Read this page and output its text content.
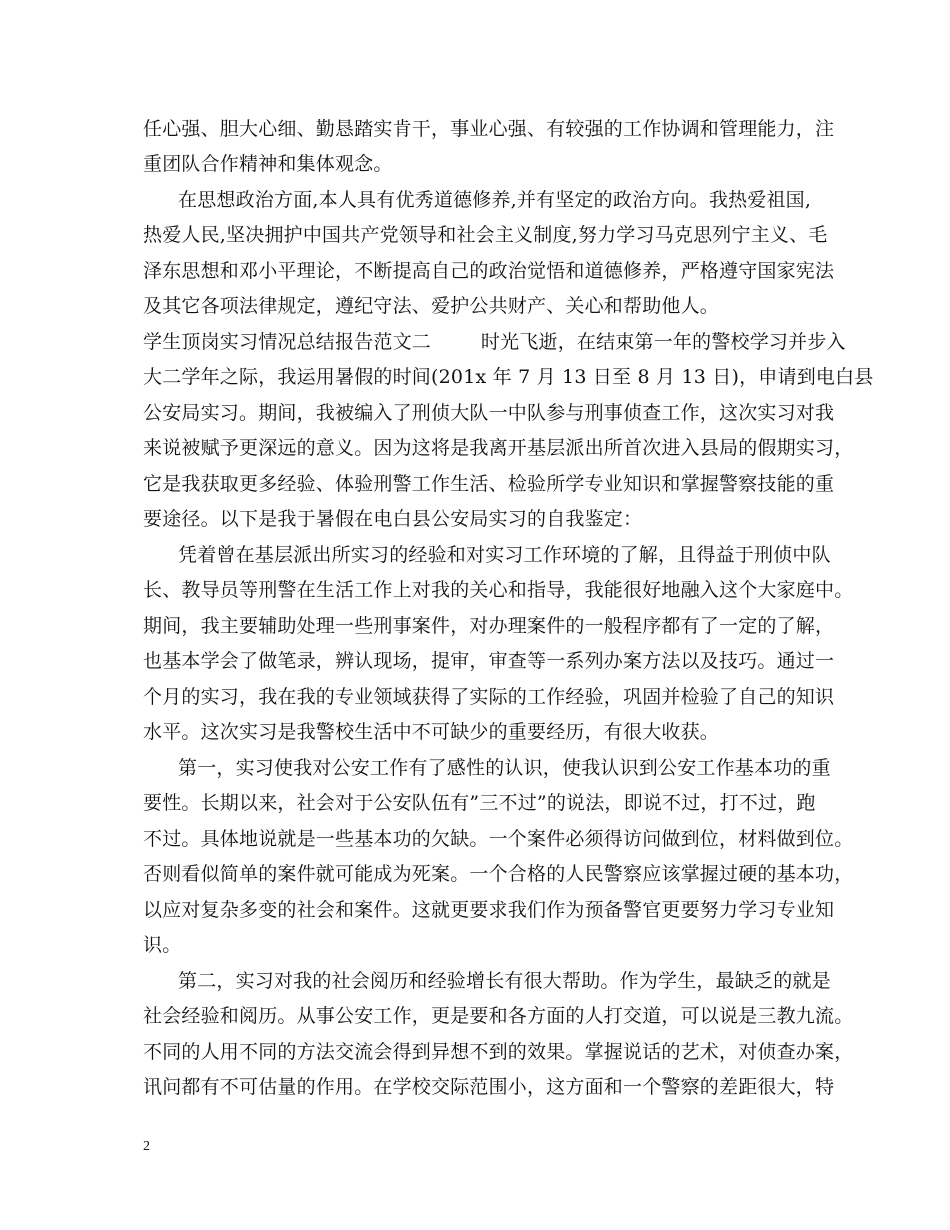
任心强、胆大心细、勤恳踏实肯干，事业心强、有较强的工作协调和管理能力，注
重团队合作精神和集体观念。
在思想政治方面,本人具有优秀道德修养,并有坚定的政治方向。我热爱祖国,
热爱人民,坚决拥护中国共产党领导和社会主义制度,努力学习马克思列宁主义、毛
泽东思想和邓小平理论，不断提高自己的政治觉悟和道德修养，严格遵守国家宪法
及其它各项法律规定，遵纪守法、爱护公共财产、关心和帮助他人。
学生顶岗实习情况总结报告范文二        时光飞逝，在结束第一年的警校学习并步入
大二学年之际，我运用暑假的时间(201x 年 7 月 13 日至 8 月 13 日)，申请到电白县
公安局实习。期间，我被编入了刑侦大队一中队参与刑事侦查工作，这次实习对我
来说被赋予更深远的意义。因为这将是我离开基层派出所首次进入县局的假期实习，
它是我获取更多经验、体验刑警工作生活、检验所学专业知识和掌握警察技能的重
要途径。以下是我于暑假在电白县公安局实习的自我鉴定：
凭着曾在基层派出所实习的经验和对实习工作环境的了解，且得益于刑侦中队
长、教导员等刑警在生活工作上对我的关心和指导，我能很好地融入这个大家庭中。
期间，我主要辅助处理一些刑事案件，对办理案件的一般程序都有了一定的了解，
也基本学会了做笔录，辨认现场，提审，审查等一系列办案方法以及技巧。通过一
个月的实习，我在我的专业领域获得了实际的工作经验，巩固并检验了自己的知识
水平。这次实习是我警校生活中不可缺少的重要经历，有很大收获。
第一，实习使我对公安工作有了感性的认识，使我认识到公安工作基本功的重
要性。长期以来，社会对于公安队伍有”三不过”的说法，即说不过，打不过，跑
不过。具体地说就是一些基本功的欠缺。一个案件必须得访问做到位，材料做到位。
否则看似简单的案件就可能成为死案。一个合格的人民警察应该掌握过硬的基本功，
以应对复杂多变的社会和案件。这就更要求我们作为预备警官更要努力学习专业知
识。
第二，实习对我的社会阅历和经验增长有很大帮助。作为学生，最缺乏的就是
社会经验和阅历。从事公安工作，更是要和各方面的人打交道，可以说是三教九流。
不同的人用不同的方法交流会得到异想不到的效果。掌握说话的艺术，对侦查办案，
讯问都有不可估量的作用。在学校交际范围小，这方面和一个警察的差距很大，特
2
